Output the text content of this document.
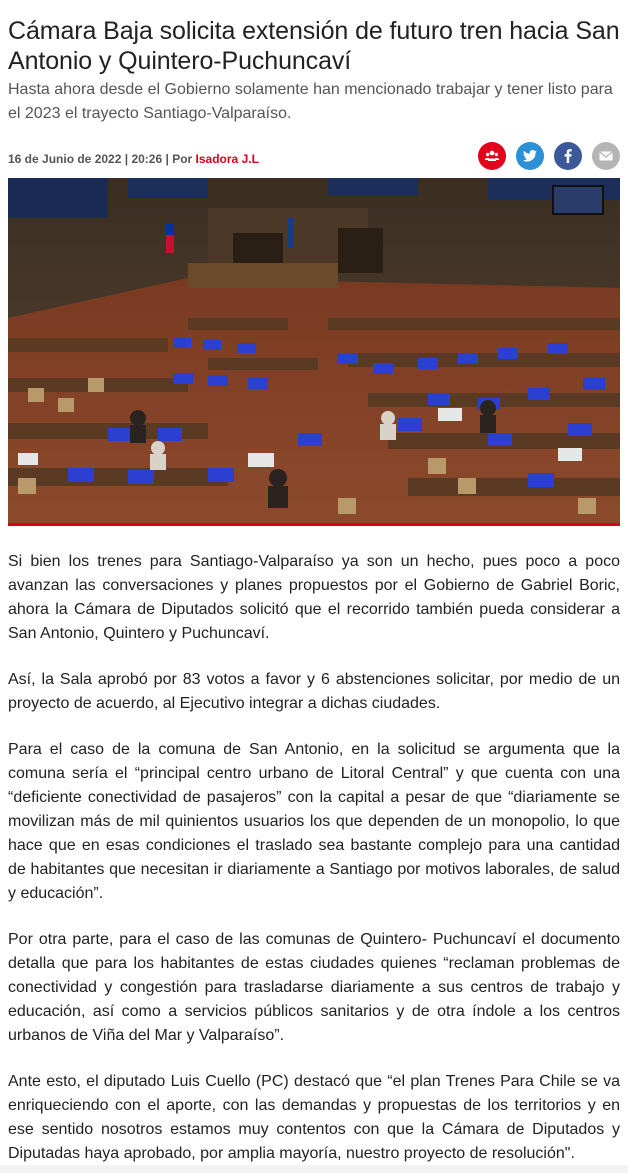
Cámara Baja solicita extensión de futuro tren hacia San Antonio y Quintero-Puchuncaví

Hasta ahora desde el Gobierno solamente han mencionado trabajar y tener listo para el 2023 el trayecto Santiago-Valparaíso.

16 de Junio de 2022 | 20:26 | Por Isadora J.L

Si bien los trenes para Santiago-Valparaíso ya son un hecho, pues poco a poco avanzan las conversaciones y planes propuestos por el Gobierno de Gabriel Boric, ahora la Cámara de Diputados solicitó que el recorrido también pueda considerar a San Antonio, Quintero y Puchuncaví.

Así, la Sala aprobó por 83 votos a favor y 6 abstenciones solicitar, por medio de un proyecto de acuerdo, al Ejecutivo integrar a dichas ciudades.

Para el caso de la comuna de San Antonio, en la solicitud se argumenta que la comuna sería el “principal centro urbano de Litoral Central” y que cuenta con una “deficiente conectividad de pasajeros” con la capital a pesar de que “diariamente se movilizan más de mil quinientos usuarios los que dependen de un monopolio, lo que hace que en esas condiciones el traslado sea bastante complejo para una cantidad de habitantes que necesitan ir diariamente a Santiago por motivos laborales, de salud y educación”.

Por otra parte, para el caso de las comunas de Quintero- Puchuncaví el documento detalla que para los habitantes de estas ciudades quienes “reclaman problemas de conectividad y congestión para trasladarse diariamente a sus centros de trabajo y educación, así como a servicios públicos sanitarios y de otra índole a los centros urbanos de Viña del Mar y Valparaíso”.

Ante esto, el diputado Luis Cuello (PC) destacó que “el plan Trenes Para Chile se va enriqueciendo con el aporte, con las demandas y propuestas de los territorios y en ese sentido nosotros estamos muy contentos con que la Cámara de Diputados y Diputadas haya aprobado, por amplia mayoría, nuestro proyecto de resolución".
